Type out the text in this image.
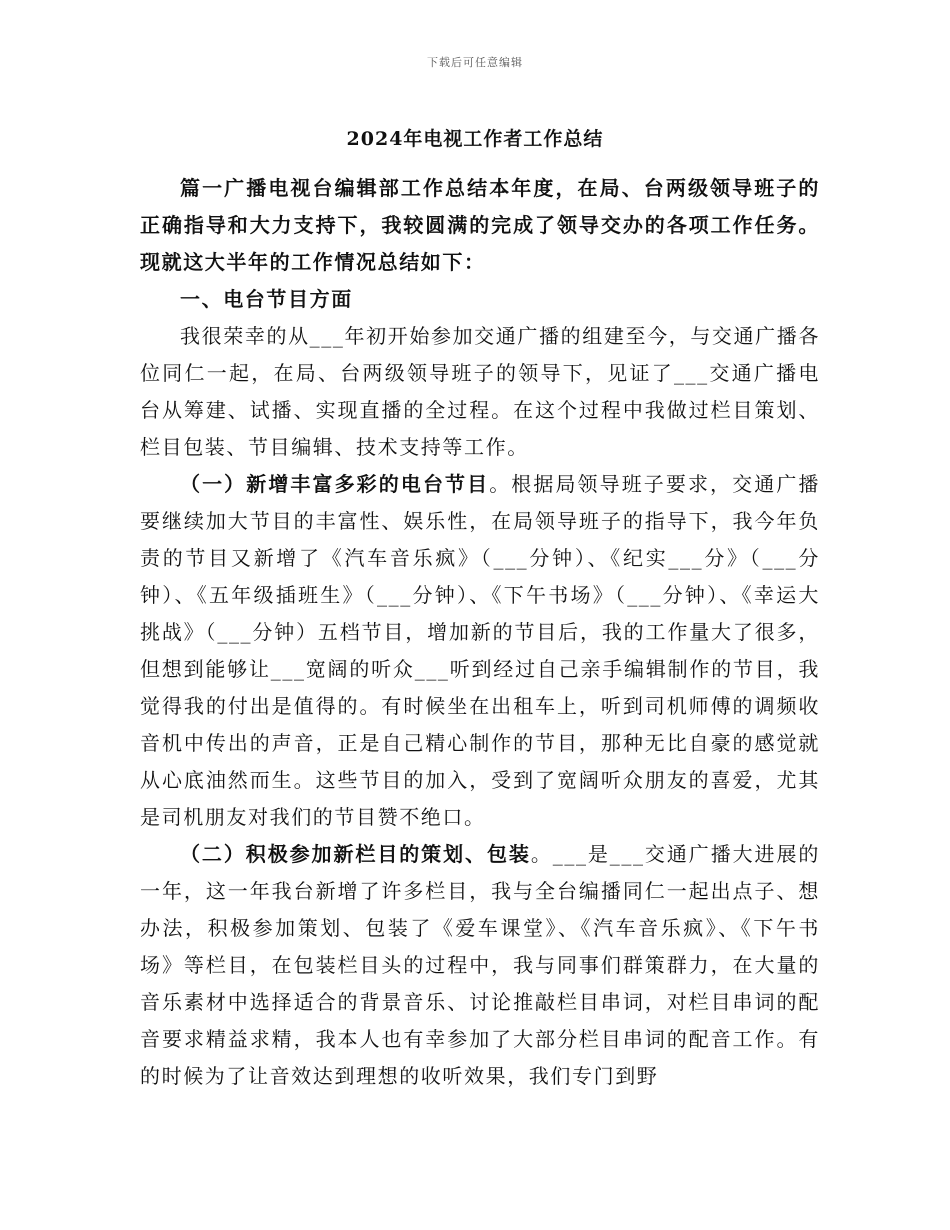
下载后可任意编辑
2024年电视工作者工作总结

篇一广播电视台编辑部工作总结本年度，在局、台两级领导班子的正确指导和大力支持下，我较圆满的完成了领导交办的各项工作任务。现就这大半年的工作情况总结如下：

一、电台节目方面

我很荣幸的从___年初开始参加交通广播的组建至今，与交通广播各位同仁一起，在局、台两级领导班子的领导下，见证了___交通广播电台从筹建、试播、实现直播的全过程。在这个过程中我做过栏目策划、栏目包装、节目编辑、技术支持等工作。

（一）新增丰富多彩的电台节目。根据局领导班子要求，交通广播要继续加大节目的丰富性、娱乐性，在局领导班子的指导下，我今年负责的节目又新增了《汽车音乐疯》（___分钟）、《纪实___分》（___分钟）、《五年级插班生》（___分钟）、《下午书场》（___分钟）、《幸运大挑战》（___分钟）五档节目，增加新的节目后，我的工作量大了很多，但想到能够让___宽阔的听众___听到经过自己亲手编辑制作的节目，我觉得我的付出是值得的。有时候坐在出租车上，听到司机师傅的调频收音机中传出的声音，正是自己精心制作的节目，那种无比自豪的感觉就从心底油然而生。这些节目的加入，受到了宽阔听众朋友的喜爱，尤其是司机朋友对我们的节目赞不绝口。

（二）积极参加新栏目的策划、包装。___是___交通广播大进展的一年，这一年我台新增了许多栏目，我与全台编播同仁一起出点子、想办法，积极参加策划、包装了《爱车课堂》、《汽车音乐疯》、《下午书场》等栏目，在包装栏目头的过程中，我与同事们群策群力，在大量的音乐素材中选择适合的背景音乐、讨论推敲栏目串词，对栏目串词的配音要求精益求精，我本人也有幸参加了大部分栏目串词的配音工作。有的时候为了让音效达到理想的收听效果，我们专门到野
